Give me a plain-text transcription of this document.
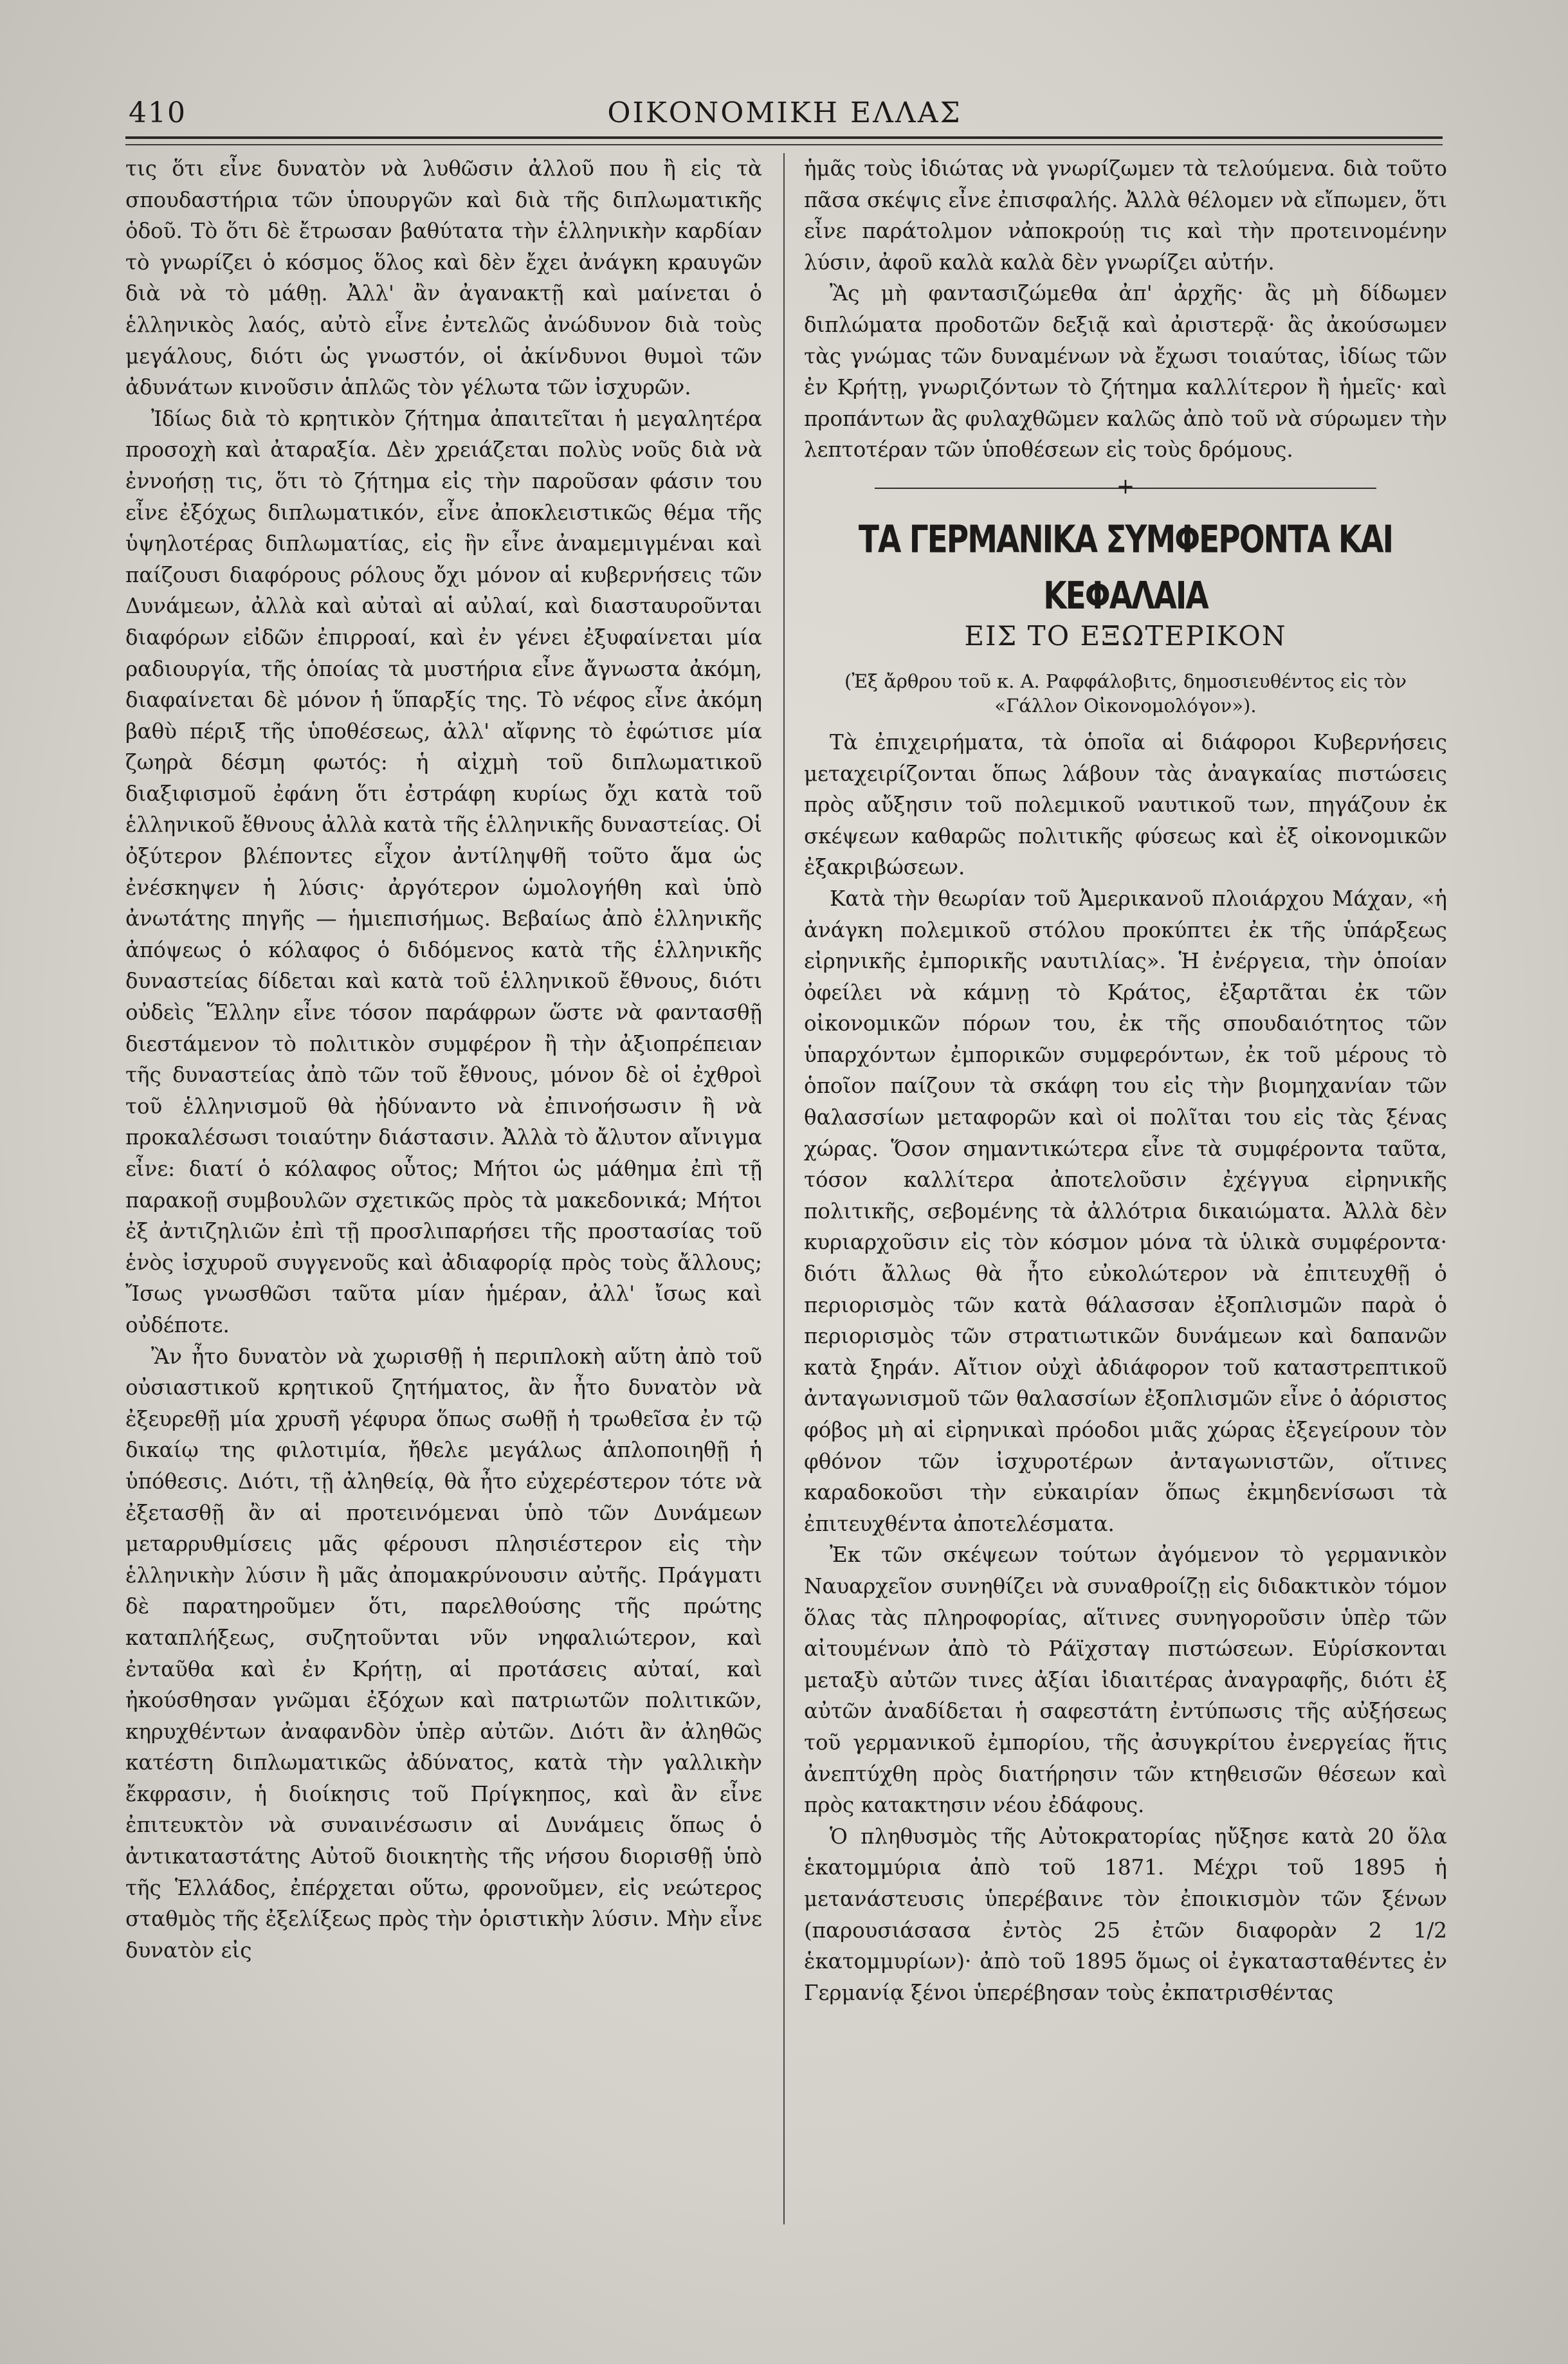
410	ΟΙΚΟΝΟΜΙΚΗ ΕΛΛΑΣ

τις ὅτι εἶνε δυνατὸν νὰ λυθῶσιν ἀλλοῦ που ἢ εἰς τὰ σπουδαστήρια τῶν ὑπουργῶν καὶ διὰ τῆς διπλωματικῆς ὁδοῦ. Τὸ ὅτι δὲ ἔτρωσαν βαθύτατα τὴν ἑλληνικὴν καρδίαν τὸ γνωρίζει ὁ κόσμος ὅλος καὶ δὲν ἔχει ἀνάγκη κραυγῶν διὰ νὰ τὸ μάθῃ. Ἀλλ' ἂν ἀγανακτῇ καὶ μαίνεται ὁ ἑλληνικὸς λαός, αὐτὸ εἶνε ἐντελῶς ἀνώδυνον διὰ τοὺς μεγάλους, διότι ὡς γνωστόν, οἱ ἀκίνδυνοι θυμοὶ τῶν ἀδυνάτων κινοῦσιν ἁπλῶς τὸν γέλωτα τῶν ἰσχυρῶν.

Ἰδίως διὰ τὸ κρητικὸν ζήτημα ἀπαιτεῖται ἡ μεγαλητέρα προσοχὴ καὶ ἀταραξία. Δὲν χρειάζεται πολὺς νοῦς διὰ νὰ ἐννοήσῃ τις, ὅτι τὸ ζήτημα εἰς τὴν παροῦσαν φάσιν του εἶνε ἐξόχως διπλωματικόν, εἶνε ἀποκλειστικῶς θέμα τῆς ὑψηλοτέρας διπλωματίας, εἰς ἣν εἶνε ἀναμεμιγμέναι καὶ παίζουσι διαφόρους ρόλους ὄχι μόνον αἱ κυβερνήσεις τῶν Δυνάμεων, ἀλλὰ καὶ αὐταὶ αἱ αὐλαί, καὶ διασταυροῦνται διαφόρων εἰδῶν ἐπιρροαί, καὶ ἐν γένει ἐξυφαίνεται μία ραδιουργία, τῆς ὁποίας τὰ μυστήρια εἶνε ἄγνωστα ἀκόμη, διαφαίνεται δὲ μόνον ἡ ὕπαρξίς της. Τὸ νέφος εἶνε ἀκόμη βαθὺ πέριξ τῆς ὑποθέσεως, ἀλλ' αἴφνης τὸ ἐφώτισε μία ζωηρὰ δέσμη φωτός: ἡ αἰχμὴ τοῦ διπλωματικοῦ διαξιφισμοῦ ἐφάνη ὅτι ἐστράφη κυρίως ὄχι κατὰ τοῦ ἑλληνικοῦ ἔθνους ἀλλὰ κατὰ τῆς ἑλληνικῆς δυναστείας. Οἱ ὀξύτερον βλέποντες εἶχον ἀντίληψθῆ τοῦτο ἅμα ὡς ἐνέσκηψεν ἡ λύσις· ἀργότερον ὡμολογήθη καὶ ὑπὸ ἀνωτάτης πηγῆς — ἡμιεπισήμως. Βεβαίως ἀπὸ ἑλληνικῆς ἀπόψεως ὁ κόλαφος ὁ διδόμενος κατὰ τῆς ἑλληνικῆς δυναστείας δίδεται καὶ κατὰ τοῦ ἑλληνικοῦ ἔθνους, διότι οὐδεὶς Ἕλλην εἶνε τόσον παράφρων ὥστε νὰ φαντασθῇ διεστάμενον τὸ πολιτικὸν συμφέρον ἢ τὴν ἀξιοπρέπειαν τῆς δυναστείας ἀπὸ τῶν τοῦ ἔθνους, μόνον δὲ οἱ ἐχθροὶ τοῦ ἑλληνισμοῦ θὰ ἠδύναντο νὰ ἐπινοήσωσιν ἢ νὰ προκαλέσωσι τοιαύτην διάστασιν. Ἀλλὰ τὸ ἄλυτον αἴνιγμα εἶνε: διατί ὁ κόλαφος οὗτος; Μήτοι ὡς μάθημα ἐπὶ τῇ παρακοῇ συμβουλῶν σχετικῶς πρὸς τὰ μακεδονικά; Μήτοι ἐξ ἀντιζηλιῶν ἐπὶ τῇ προσλιπαρήσει τῆς προστασίας τοῦ ἑνὸς ἰσχυροῦ συγγενοῦς καὶ ἀδιαφορίᾳ πρὸς τοὺς ἄλλους; Ἴσως γνωσθῶσι ταῦτα μίαν ἡμέραν, ἀλλ' ἴσως καὶ οὐδέποτε.

Ἂν ἦτο δυνατὸν νὰ χωρισθῇ ἡ περιπλοκὴ αὕτη ἀπὸ τοῦ οὐσιαστικοῦ κρητικοῦ ζητήματος, ἂν ἦτο δυνατὸν νὰ ἐξευρεθῇ μία χρυσῆ γέφυρα ὅπως σωθῇ ἡ τρωθεῖσα ἐν τῷ δικαίῳ της φιλοτιμία, ἤθελε μεγάλως ἁπλοποιηθῇ ἡ ὑπόθεσις. Διότι, τῇ ἀληθείᾳ, θὰ ἦτο εὐχερέστερον τότε νὰ ἐξετασθῇ ἂν αἱ προτεινόμεναι ὑπὸ τῶν Δυνάμεων μεταρρυθμίσεις μᾶς φέρουσι πλησιέστερον εἰς τὴν ἑλληνικὴν λύσιν ἢ μᾶς ἀπομακρύνουσιν αὐτῆς. Πράγματι δὲ παρατηροῦμεν ὅτι, παρελθούσης τῆς πρώτης καταπλήξεως, συζητοῦνται νῦν νηφαλιώτερον, καὶ ἐνταῦθα καὶ ἐν Κρήτῃ, αἱ προτάσεις αὐταί, καὶ ἠκούσθησαν γνῶμαι ἐξόχων καὶ πατριωτῶν πολιτικῶν, κηρυχθέντων ἀναφανδὸν ὑπὲρ αὐτῶν. Διότι ἂν ἀληθῶς κατέστη διπλωματικῶς ἀδύνατος, κατὰ τὴν γαλλικὴν ἔκφρασιν, ἡ διοίκησις τοῦ Πρίγκηπος, καὶ ἂν εἶνε ἐπιτευκτὸν νὰ συναινέσωσιν αἱ Δυνάμεις ὅπως ὁ ἀντικαταστάτης Αὐτοῦ διοικητὴς τῆς νήσου διορισθῇ ὑπὸ τῆς Ἑλλάδος, ἐπέρχεται οὕτω, φρονοῦμεν, εἰς νεώτερος σταθμὸς τῆς ἐξελίξεως πρὸς τὴν ὁριστικὴν λύσιν. Μὴν εἶνε δυνατὸν εἰς

ἡμᾶς τοὺς ἰδιώτας νὰ γνωρίζωμεν τὰ τελούμενα. διὰ τοῦτο πᾶσα σκέψις εἶνε ἐπισφαλής. Ἀλλὰ θέλομεν νὰ εἴπωμεν, ὅτι εἶνε παράτολμον νἀποκρούῃ τις καὶ τὴν προτεινομένην λύσιν, ἀφοῦ καλὰ καλὰ δὲν γνωρίζει αὐτήν.

Ἂς μὴ φαντασιζώμεθα ἀπ' ἀρχῆς· ἂς μὴ δίδωμεν διπλώματα προδοτῶν δεξιᾷ καὶ ἀριστερᾷ· ἂς ἀκούσωμεν τὰς γνώμας τῶν δυναμένων νὰ ἔχωσι τοιαύτας, ἰδίως τῶν ἐν Κρήτῃ, γνωριζόντων τὸ ζήτημα καλλίτερον ἢ ἡμεῖς· καὶ προπάντων ἂς φυλαχθῶμεν καλῶς ἀπὸ τοῦ νὰ σύρωμεν τὴν λεπτοτέραν τῶν ὑποθέσεων εἰς τοὺς δρόμους.

+
ΤΑ ΓΕΡΜΑΝΙΚΑ ΣΥΜΦΕΡΟΝΤΑ ΚΑΙ ΚΕΦΑΛΑΙΑ
ΕΙΣ ΤΟ ΕΞΩΤΕΡΙΚΟΝ
(Ἐξ ἄρθρου τοῦ κ. Α. Ραφφάλοβιτς, δημοσιευθέντος εἰς τὸν «Γάλλον Οἰκονομολόγον»).

Τὰ ἐπιχειρήματα, τὰ ὁποῖα αἱ διάφοροι Κυβερνήσεις μεταχειρίζονται ὅπως λάβουν τὰς ἀναγκαίας πιστώσεις πρὸς αὔξησιν τοῦ πολεμικοῦ ναυτικοῦ των, πηγάζουν ἐκ σκέψεων καθαρῶς πολιτικῆς φύσεως καὶ ἐξ οἰκονομικῶν ἐξακριβώσεων.

Κατὰ τὴν θεωρίαν τοῦ Ἀμερικανοῦ πλοιάρχου Μάχαν, «ἡ ἀνάγκη πολεμικοῦ στόλου προκύπτει ἐκ τῆς ὑπάρξεως εἰρηνικῆς ἐμπορικῆς ναυτιλίας». Ἡ ἐνέργεια, τὴν ὁποίαν ὀφείλει νὰ κάμνῃ τὸ Κράτος, ἐξαρτᾶται ἐκ τῶν οἰκονομικῶν πόρων του, ἐκ τῆς σπουδαιότητος τῶν ὑπαρχόντων ἐμπορικῶν συμφερόντων, ἐκ τοῦ μέρους τὸ ὁποῖον παίζουν τὰ σκάφη του εἰς τὴν βιομηχανίαν τῶν θαλασσίων μεταφορῶν καὶ οἱ πολῖται του εἰς τὰς ξένας χώρας. Ὅσον σημαντικώτερα εἶνε τὰ συμφέροντα ταῦτα, τόσον καλλίτερα ἀποτελοῦσιν ἐχέγγυα εἰρηνικῆς πολιτικῆς, σεβομένης τὰ ἀλλότρια δικαιώματα. Ἀλλὰ δὲν κυριαρχοῦσιν εἰς τὸν κόσμον μόνα τὰ ὑλικὰ συμφέροντα· διότι ἄλλως θὰ ἦτο εὐκολώτερον νὰ ἐπιτευχθῇ ὁ περιορισμὸς τῶν κατὰ θάλασσαν ἐξοπλισμῶν παρὰ ὁ περιορισμὸς τῶν στρατιωτικῶν δυνάμεων καὶ δαπανῶν κατὰ ξηράν. Αἴτιον οὐχὶ ἀδιάφορον τοῦ καταστρεπτικοῦ ἀνταγωνισμοῦ τῶν θαλασσίων ἐξοπλισμῶν εἶνε ὁ ἀόριστος φόβος μὴ αἱ εἰρηνικαὶ πρόοδοι μιᾶς χώρας ἐξεγείρουν τὸν φθόνον τῶν ἰσχυροτέρων ἀνταγωνιστῶν, οἵτινες καραδοκοῦσι τὴν εὐκαιρίαν ὅπως ἐκμηδενίσωσι τὰ ἐπιτευχθέντα ἀποτελέσματα.

Ἐκ τῶν σκέψεων τούτων ἀγόμενον τὸ γερμανικὸν Ναυαρχεῖον συνηθίζει νὰ συναθροίζῃ εἰς διδακτικὸν τόμον ὅλας τὰς πληροφορίας, αἵτινες συνηγοροῦσιν ὑπὲρ τῶν αἰτουμένων ἀπὸ τὸ Ράϊχσταγ πιστώσεων. Εὑρίσκονται μεταξὺ αὐτῶν τινες ἀξίαι ἰδιαιτέρας ἀναγραφῆς, διότι ἐξ αὐτῶν ἀναδίδεται ἡ σαφεστάτη ἐντύπωσις τῆς αὐξήσεως τοῦ γερμανικοῦ ἐμπορίου, τῆς ἀσυγκρίτου ἐνεργείας ἥτις ἀνεπτύχθη πρὸς διατήρησιν τῶν κτηθεισῶν θέσεων καὶ πρὸς κατακτησιν νέου ἐδάφους.

Ὁ πληθυσμὸς τῆς Αὐτοκρατορίας ηὔξησε κατὰ 20 ὅλα ἑκατομμύρια ἀπὸ τοῦ 1871. Μέχρι τοῦ 1895 ἡ μετανάστευσις ὑπερέβαινε τὸν ἐποικισμὸν τῶν ξένων (παρουσιάσασα ἐντὸς 25 ἐτῶν διαφορὰν 2 1/2 ἑκατομμυρίων)· ἀπὸ τοῦ 1895 ὅμως οἱ ἐγκατασταθέντες ἐν Γερμανίᾳ ξένοι ὑπερέβησαν τοὺς ἐκπατρισθέντας
